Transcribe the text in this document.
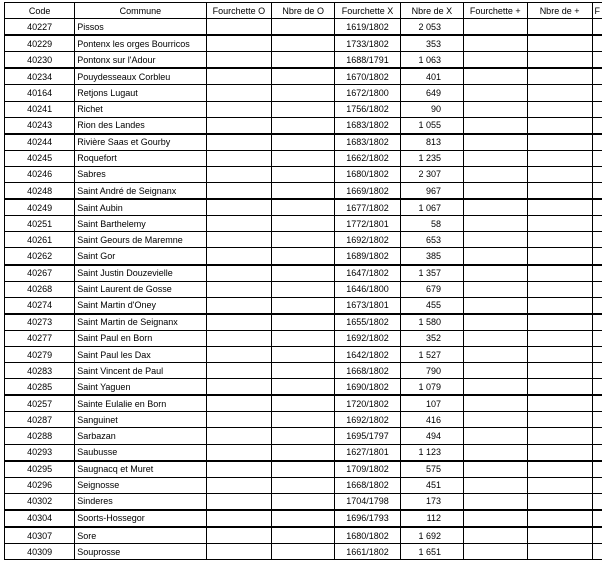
Code	Commune	Fourchette O	Nbre de O	Fourchette X	Nbre de X	Fourchette +	Nbre de +	F
40227	Pissos			1619/1802	2 053			
40229	Pontenx les orges Bourricos			1733/1802	353			
40230	Pontonx sur l'Adour			1688/1791	1 063			
40234	Pouydesseaux Corbleu			1670/1802	401			
40164	Retjons Lugaut			1672/1800	649			
40241	Richet			1756/1802	90			
40243	Rion des Landes			1683/1802	1 055			
40244	Rivière Saas et Gourby			1683/1802	813			
40245	Roquefort			1662/1802	1 235			
40246	Sabres			1680/1802	2 307			
40248	Saint André de Seignanx			1669/1802	967			
40249	Saint Aubin			1677/1802	1 067			
40251	Saint Barthelemy			1772/1801	58			
40261	Saint Geours de Maremne			1692/1802	653			
40262	Saint Gor			1689/1802	385			
40267	Saint Justin Douzevielle			1647/1802	1 357			
40268	Saint Laurent de Gosse			1646/1800	679			
40274	Saint Martin d'Oney			1673/1801	455			
40273	Saint Martin de Seignanx			1655/1802	1 580			
40277	Saint Paul en Born			1692/1802	352			
40279	Saint Paul les Dax			1642/1802	1 527			
40283	Saint Vincent de Paul			1668/1802	790			
40285	Saint Yaguen			1690/1802	1 079			
40257	Sainte Eulalie en Born			1720/1802	107			
40287	Sanguinet			1692/1802	416			
40288	Sarbazan			1695/1797	494			
40293	Saubusse			1627/1801	1 123			
40295	Saugnacq et Muret			1709/1802	575			
40296	Seignosse			1668/1802	451			
40302	Sinderes			1704/1798	173			
40304	Soorts-Hossegor			1696/1793	112			
40307	Sore			1680/1802	1 692			
40309	Souprosse			1661/1802	1 651			
